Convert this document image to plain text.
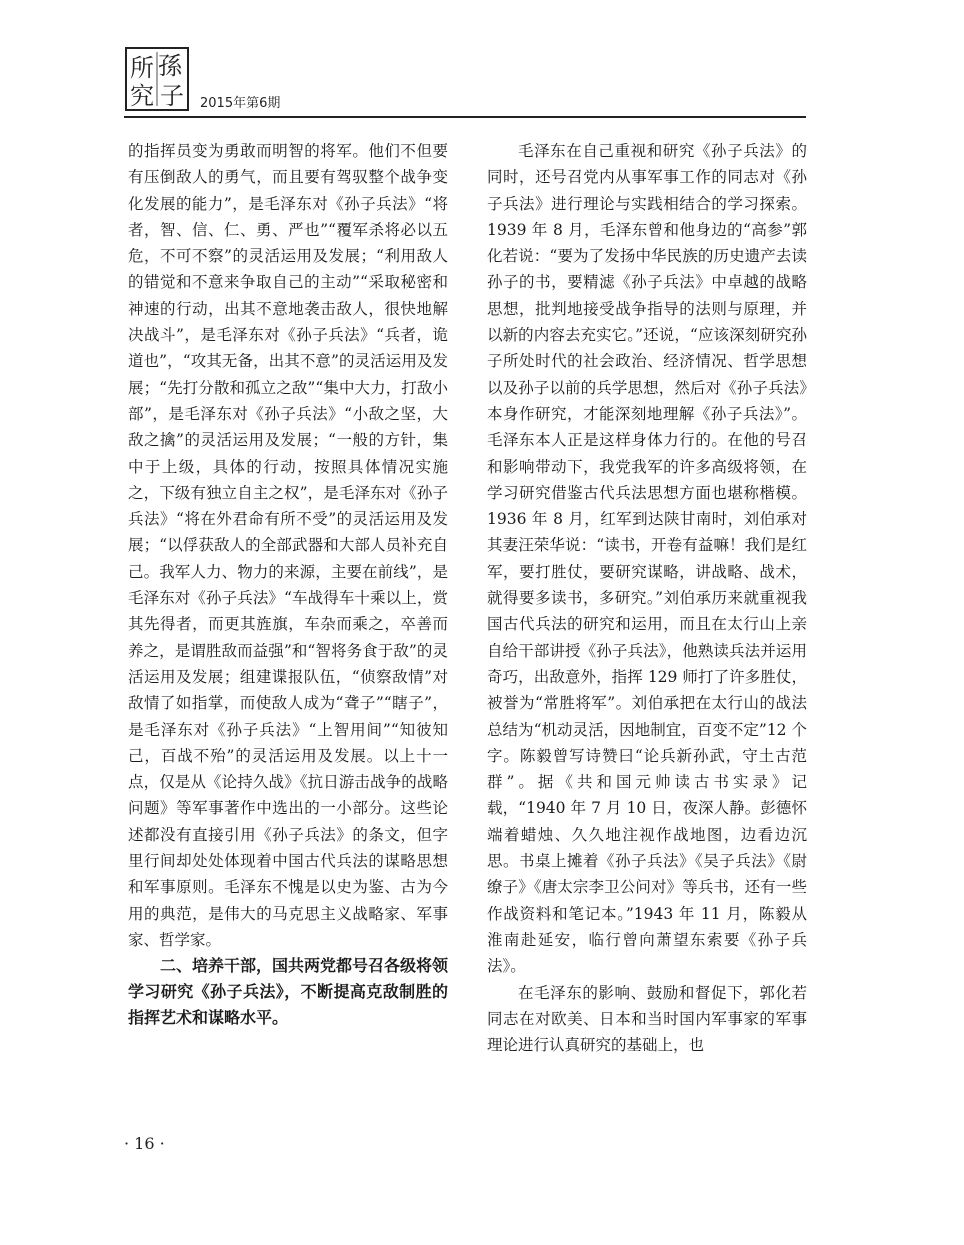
所 孫
究 子 2015年第6期

的指挥员变为勇敢而明智的将军。他们不但要有压倒敌人的勇气，而且要有驾驭整个战争变化发展的能力”，是毛泽东对《孙子兵法》“将者，智、信、仁、勇、严也”“覆军杀将必以五危，不可不察”的灵活运用及发展；“利用敌人的错觉和不意来争取自己的主动”“采取秘密和神速的行动，出其不意地袭击敌人，很快地解决战斗”，是毛泽东对《孙子兵法》“兵者，诡道也”，“攻其无备，出其不意”的灵活运用及发展；“先打分散和孤立之敌”“集中大力，打敌小部”，是毛泽东对《孙子兵法》“小敌之坚，大敌之擒”的灵活运用及发展；“一般的方针，集中于上级，具体的行动，按照具体情况实施之，下级有独立自主之权”，是毛泽东对《孙子兵法》“将在外君命有所不受”的灵活运用及发展；“以俘获敌人的全部武器和大部人员补充自己。我军人力、物力的来源，主要在前线”，是毛泽东对《孙子兵法》“车战得车十乘以上，赏其先得者，而更其旌旗，车杂而乘之，卒善而养之，是谓胜敌而益强”和“智将务食于敌”的灵活运用及发展；组建谍报队伍，“侦察敌情”对敌情了如指掌，而使敌人成为“聋子”“瞎子”，是毛泽东对《孙子兵法》“上智用间”“知彼知己，百战不殆”的灵活运用及发展。以上十一点，仅是从《论持久战》《抗日游击战争的战略问题》等军事著作中选出的一小部分。这些论述都没有直接引用《孙子兵法》的条文，但字里行间却处处体现着中国古代兵法的谋略思想和军事原则。毛泽东不愧是以史为鉴、古为今用的典范，是伟大的马克思主义战略家、军事家、哲学家。

二、培养干部，国共两党都号召各级将领学习研究《孙子兵法》，不断提高克敌制胜的指挥艺术和谋略水平。

毛泽东在自己重视和研究《孙子兵法》的同时，还号召党内从事军事工作的同志对《孙子兵法》进行理论与实践相结合的学习探索。1939 年 8 月，毛泽东曾和他身边的“高参”郭化若说：“要为了发扬中华民族的历史遗产去读孙子的书，要精滤《孙子兵法》中卓越的战略思想，批判地接受战争指导的法则与原理，并以新的内容去充实它。”还说，“应该深刻研究孙子所处时代的社会政治、经济情况、哲学思想以及孙子以前的兵学思想，然后对《孙子兵法》本身作研究，才能深刻地理解《孙子兵法》”。毛泽东本人正是这样身体力行的。在他的号召和影响带动下，我党我军的许多高级将领，在学习研究借鉴古代兵法思想方面也堪称楷模。1936 年 8 月，红军到达陕甘南时，刘伯承对其妻汪荣华说：“读书，开卷有益嘛！我们是红军，要打胜仗，要研究谋略，讲战略、战术，就得要多读书，多研究。”刘伯承历来就重视我国古代兵法的研究和运用，而且在太行山上亲自给干部讲授《孙子兵法》，他熟读兵法并运用奇巧，出敌意外，指挥 129 师打了许多胜仗，被誉为“常胜将军”。刘伯承把在太行山的战法总结为“机动灵活，因地制宜，百变不定”12 个字。陈毅曾写诗赞曰“论兵新孙武，守土古范群”。据《共和国元帅读古书实录》记载，“1940 年 7 月 10 日，夜深人静。彭德怀端着蜡烛、久久地注视作战地图，边看边沉思。书桌上摊着《孙子兵法》《吴子兵法》《尉缭子》《唐太宗李卫公问对》等兵书，还有一些作战资料和笔记本。”1943 年 11 月，陈毅从淮南赴延安，临行曾向萧望东索要《孙子兵法》。

在毛泽东的影响、鼓励和督促下，郭化若同志在对欧美、日本和当时国内军事家的军事理论进行认真研究的基础上，也

· 16 ·
